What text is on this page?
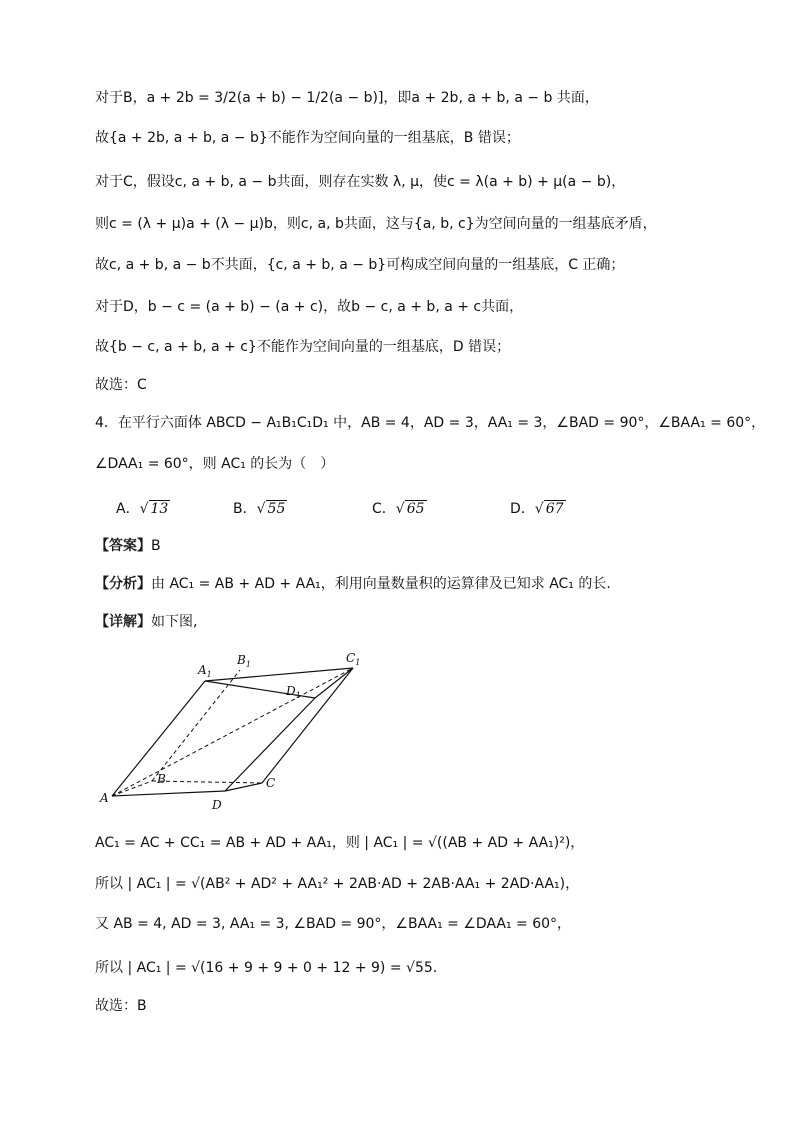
对于B，a + 2b = 3/2(a + b) − 1/2(a − b)]，即a + 2b, a + b, a − b 共面，
故{a + 2b, a + b, a − b}不能作为空间向量的一组基底，B 错误；
对于C，假设c, a + b, a − b共面，则存在实数 λ, μ，使c = λ(a + b) + μ(a − b)，
则c = (λ + μ)a + (λ − μ)b，则c, a, b共面，这与{a, b, c}为空间向量的一组基底矛盾，
故c, a + b, a − b不共面，{c, a + b, a − b}可构成空间向量的一组基底，C 正确；
对于D，b − c = (a + b) − (a + c)，故b − c, a + b, a + c共面，
故{b − c, a + b, a + c}不能作为空间向量的一组基底，D 错误；
故选：C
4．在平行六面体 ABCD − A₁B₁C₁D₁ 中，AB = 4，AD = 3，AA₁ = 3，∠BAD = 90°，∠BAA₁ = 60°，
∠DAA₁ = 60°，则 AC₁ 的长为（　）
A．√ 13	B．√ 55	C．√ 65	D．√ 67
【答案】B
【分析】由 AC₁ = AB + AD + AA₁，利用向量数量积的运算律及已知求 AC₁ 的长.
【详解】如下图,
$A_1$
$B_1$	$C_1$
$D_1$
A
B	C
D
AC₁ = AC + CC₁ = AB + AD + AA₁，则 | AC₁ | = √((AB + AD + AA₁)²)，
所以 | AC₁ | = √(AB² + AD² + AA₁² + 2AB·AD + 2AB·AA₁ + 2AD·AA₁)，
又 AB = 4, AD = 3, AA₁ = 3, ∠BAD = 90°，∠BAA₁ = ∠DAA₁ = 60°，
所以 | AC₁ | = √(16 + 9 + 9 + 0 + 12 + 9) = √55.
故选：B
